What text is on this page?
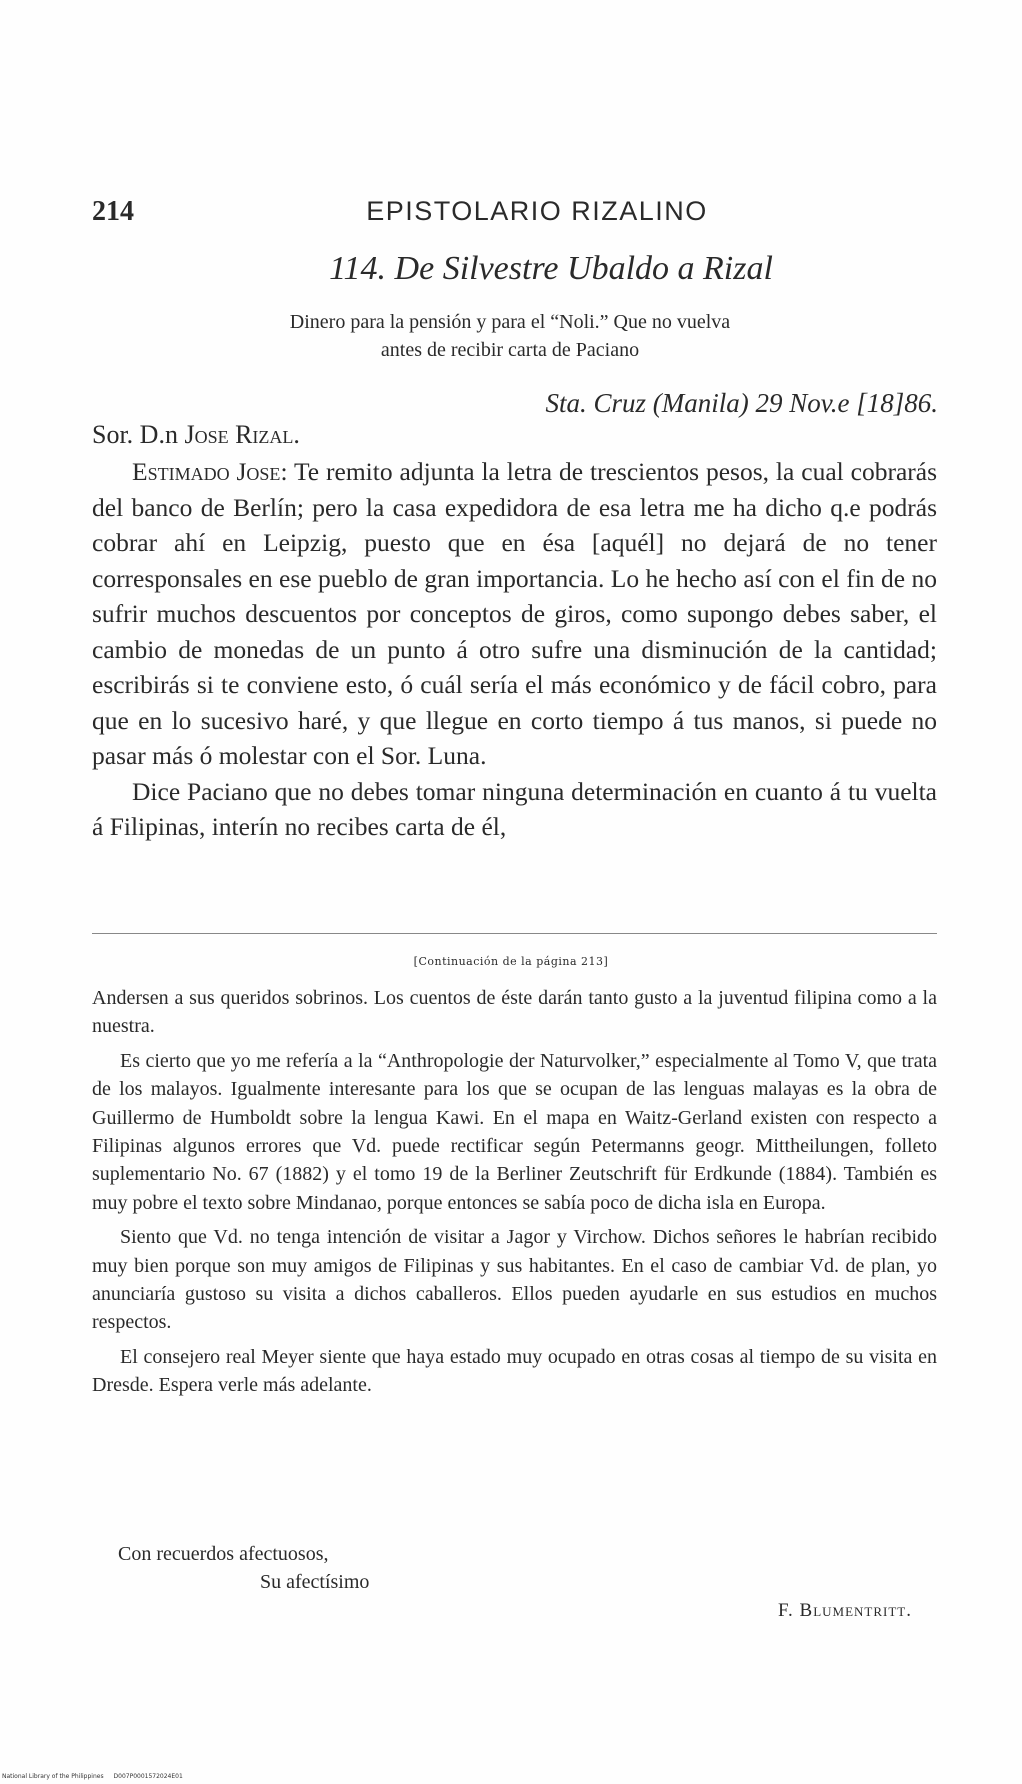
214	EPISTOLARIO RIZALINO
114. De Silvestre Ubaldo a Rizal
Dinero para la pensión y para el “Noli.” Que no vuelva
antes de recibir carta de Paciano
Sta. Cruz (Manila) 29 Nov.e [18]86.
Sor. D.n Jose Rizal.

Estimado Jose: Te remito adjunta la letra de trescientos pesos, la cual cobrarás del banco de Berlín; pero la casa expedidora de esa letra me ha dicho q.e podrás cobrar ahí en Leipzig, puesto que en ésa [aquél] no dejará de no tener corresponsales en ese pueblo de gran importancia. Lo he hecho así con el fin de no sufrir muchos descuentos por conceptos de giros, como supongo debes saber, el cambio de monedas de un punto á otro sufre una disminución de la cantidad; escribirás si te conviene esto, ó cuál sería el más económico y de fácil cobro, para que en lo sucesivo haré, y que llegue en corto tiempo á tus manos, si puede no pasar más ó molestar con el Sor. Luna.

Dice Paciano que no debes tomar ninguna determinación en cuanto á tu vuelta á Filipinas, interín no recibes carta de él,

[Continuación de la página 213]

Andersen a sus queridos sobrinos. Los cuentos de éste darán tanto gusto a la juventud filipina como a la nuestra.

Es cierto que yo me refería a la “Anthropologie der Naturvolker,” especialmente al Tomo V, que trata de los malayos. Igualmente interesante para los que se ocupan de las lenguas malayas es la obra de Guillermo de Humboldt sobre la lengua Kawi. En el mapa en Waitz-Gerland existen con respecto a Filipinas algunos errores que Vd. puede rectificar según Petermanns geogr. Mittheilungen, folleto suplementario No. 67 (1882) y el tomo 19 de la Berliner Zeutschrift für Erdkunde (1884). También es muy pobre el texto sobre Mindanao, porque entonces se sabía poco de dicha isla en Europa.

Siento que Vd. no tenga intención de visitar a Jagor y Virchow. Dichos señores le habrían recibido muy bien porque son muy amigos de Filipinas y sus habitantes. En el caso de cambiar Vd. de plan, yo anunciaría gustoso su visita a dichos caballeros. Ellos pueden ayudarle en sus estudios en muchos respectos.

El consejero real Meyer siente que haya estado muy ocupado en otras cosas al tiempo de su visita en Dresde. Espera verle más adelante.

Con recuerdos afectuosos,
Su afectísimo
F. Blumentritt.
National Library of the Philippines D007P0001572024E01
